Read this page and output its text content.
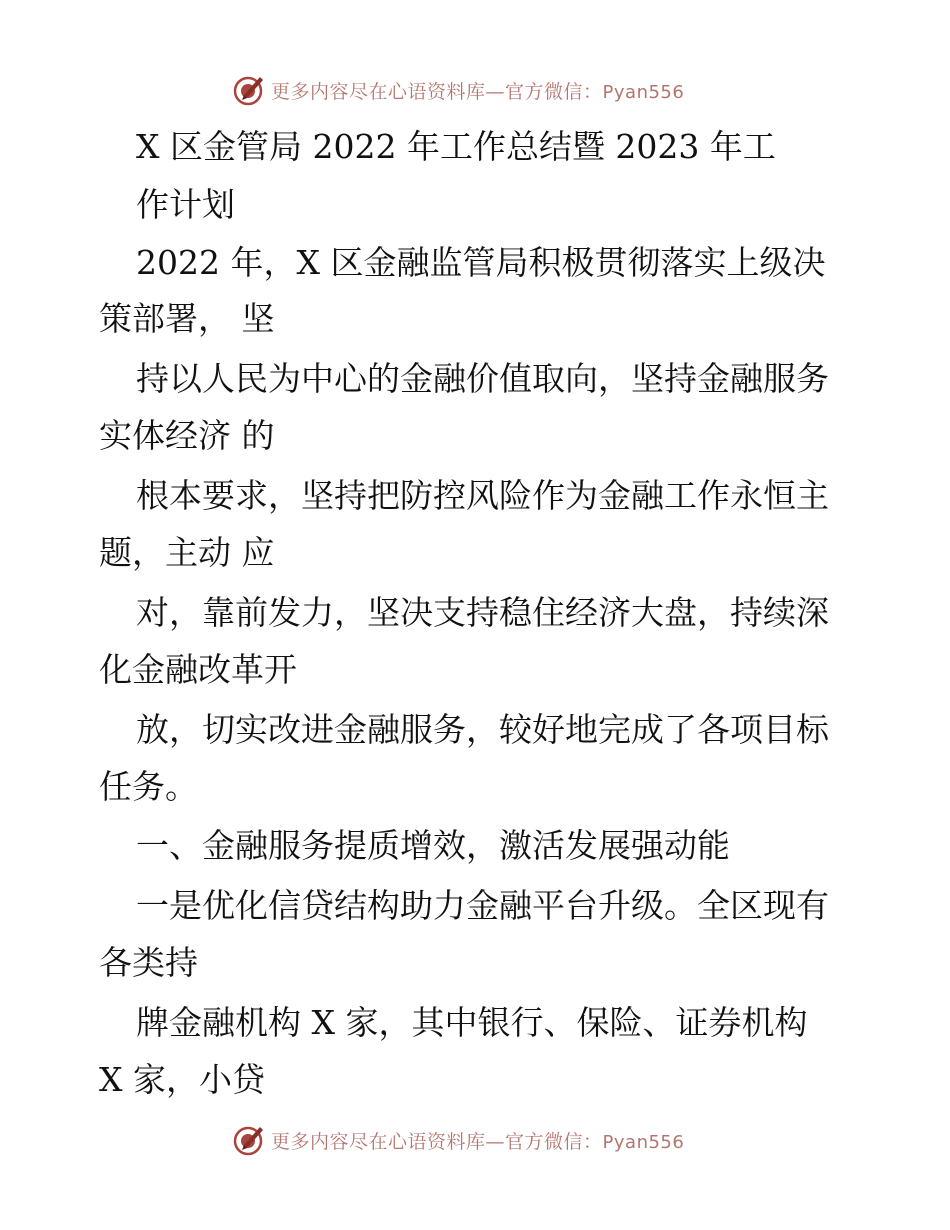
更多内容尽在心语资料库—官方微信：Pyan556
X 区金管局 2022 年工作总结暨 2023 年工
作计划
2022 年，X 区金融监管局积极贯彻落实上级决
策部署， 坚
持以人民为中心的金融价值取向，坚持金融服务
实体经济 的
根本要求，坚持把防控风险作为金融工作永恒主
题，主动 应
对，靠前发力，坚决支持稳住经济大盘，持续深
化金融改革开
放，切实改进金融服务，较好地完成了各项目标
任务。
一、金融服务提质增效，激活发展强动能
一是优化信贷结构助力金融平台升级。全区现有
各类持
牌金融机构 X 家，其中银行、保险、证券机构
X 家，小贷
更多内容尽在心语资料库—官方微信：Pyan556
